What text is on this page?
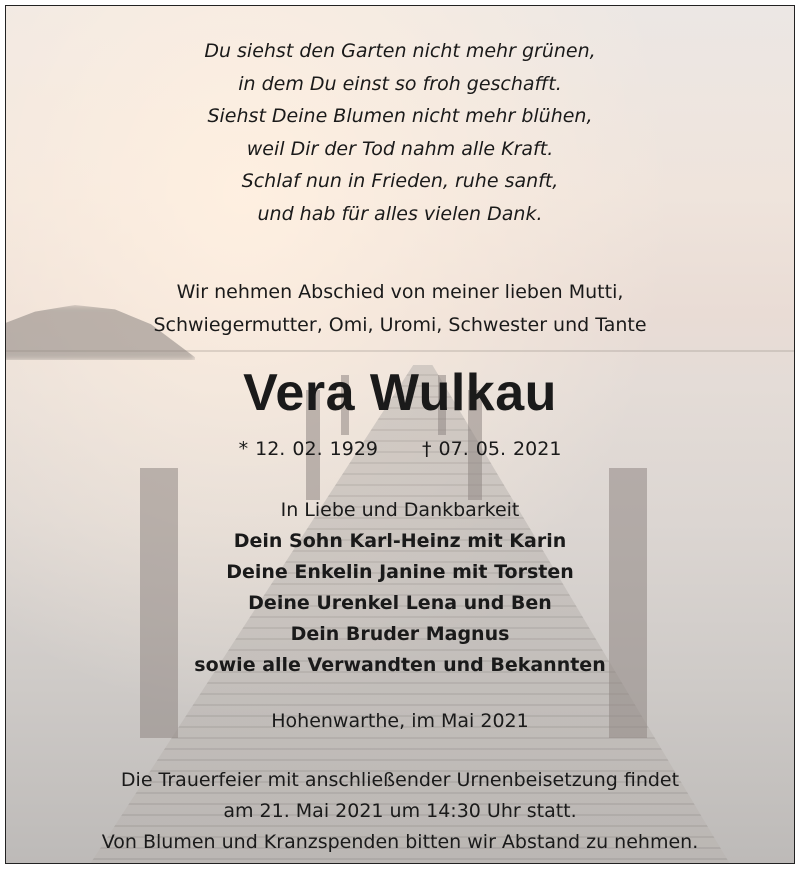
Du siehst den Garten nicht mehr grünen,
in dem Du einst so froh geschafft.
Siehst Deine Blumen nicht mehr blühen,
weil Dir der Tod nahm alle Kraft.
Schlaf nun in Frieden, ruhe sanft,
und hab für alles vielen Dank.
Wir nehmen Abschied von meiner lieben Mutti,
Schwiegermutter, Omi, Uromi, Schwester und Tante
Vera Wulkau
* 12. 02. 1929 † 07. 05. 2021
In Liebe und Dankbarkeit
Dein Sohn Karl-Heinz mit Karin
Deine Enkelin Janine mit Torsten
Deine Urenkel Lena und Ben
Dein Bruder Magnus
sowie alle Verwandten und Bekannten
Hohenwarthe, im Mai 2021
Die Trauerfeier mit anschließender Urnenbeisetzung findet
am 21. Mai 2021 um 14:30 Uhr statt.
Von Blumen und Kranzspenden bitten wir Abstand zu nehmen.
